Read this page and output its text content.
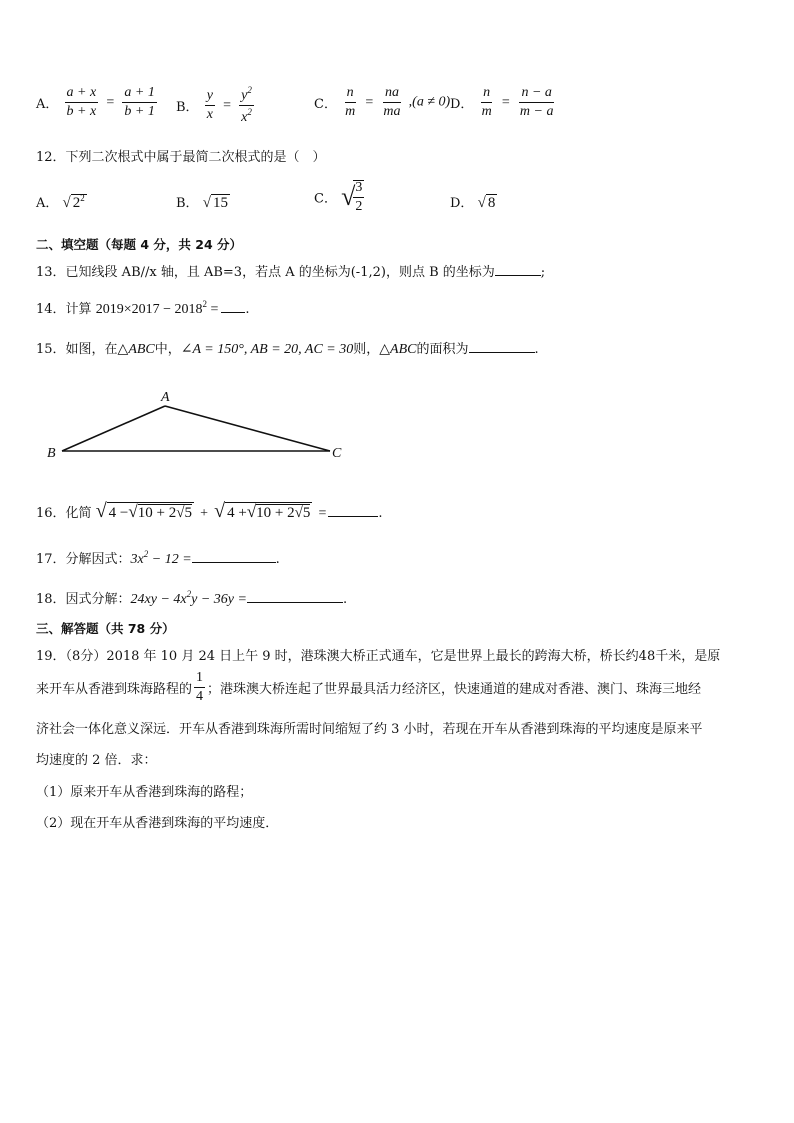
A． $\frac{a + x}{b + x} = \frac{a + 1}{b + 1}$ B． $\frac{y}{x} = \frac{y^2}{x^2}$	C． $\frac{n}{m} = \frac{na}{ma} ,(a \ne 0)$ D． $\frac{n}{m} = \frac{n - a}{m - a}$
12．下列二次根式中属于最简二次根式的是（　）
A． √ $2^2$	B． √ 15	C． √
$\frac{3}{2}$	D． √ 8
二、填空题（每题 4 分，共 24 分）
13．已知线段 AB//x 轴，且 AB=3，若点 A 的坐标为(-1,2)，则点 B 的坐标为	;
14．计算 $2019\times 2017 - 2018^2$ = .
15．如图，在△ABC中，∠A = 150°, AB = 20, AC = 30则，△ABC的面积为	.
A
B	C
16．化简 √ 4 −√10 + 2√5 + √ 4 +√10 + 2√5 =	.
17．分解因式：$3x^2 - 12$ =	.
18．因式分解：$24xy - 4x^2y - 36y$ =	.
三、解答题（共 78 分）
19．（8分）2018 年 10 月 24 日上午 9 时，港珠澳大桥正式通车，它是世界上最长的跨海大桥，桥长约48千米，是原
来开车从香港到珠海路程的 $\frac{1}{4}$ ；港珠澳大桥连起了世界最具活力经济区，快速通道的建成对香港、澳门、珠海三地经
济社会一体化意义深远．开车从香港到珠海所需时间缩短了约 3 小时，若现在开车从香港到珠海的平均速度是原来平
均速度的 2 倍．求：
（1）原来开车从香港到珠海的路程；
（2）现在开车从香港到珠海的平均速度．
